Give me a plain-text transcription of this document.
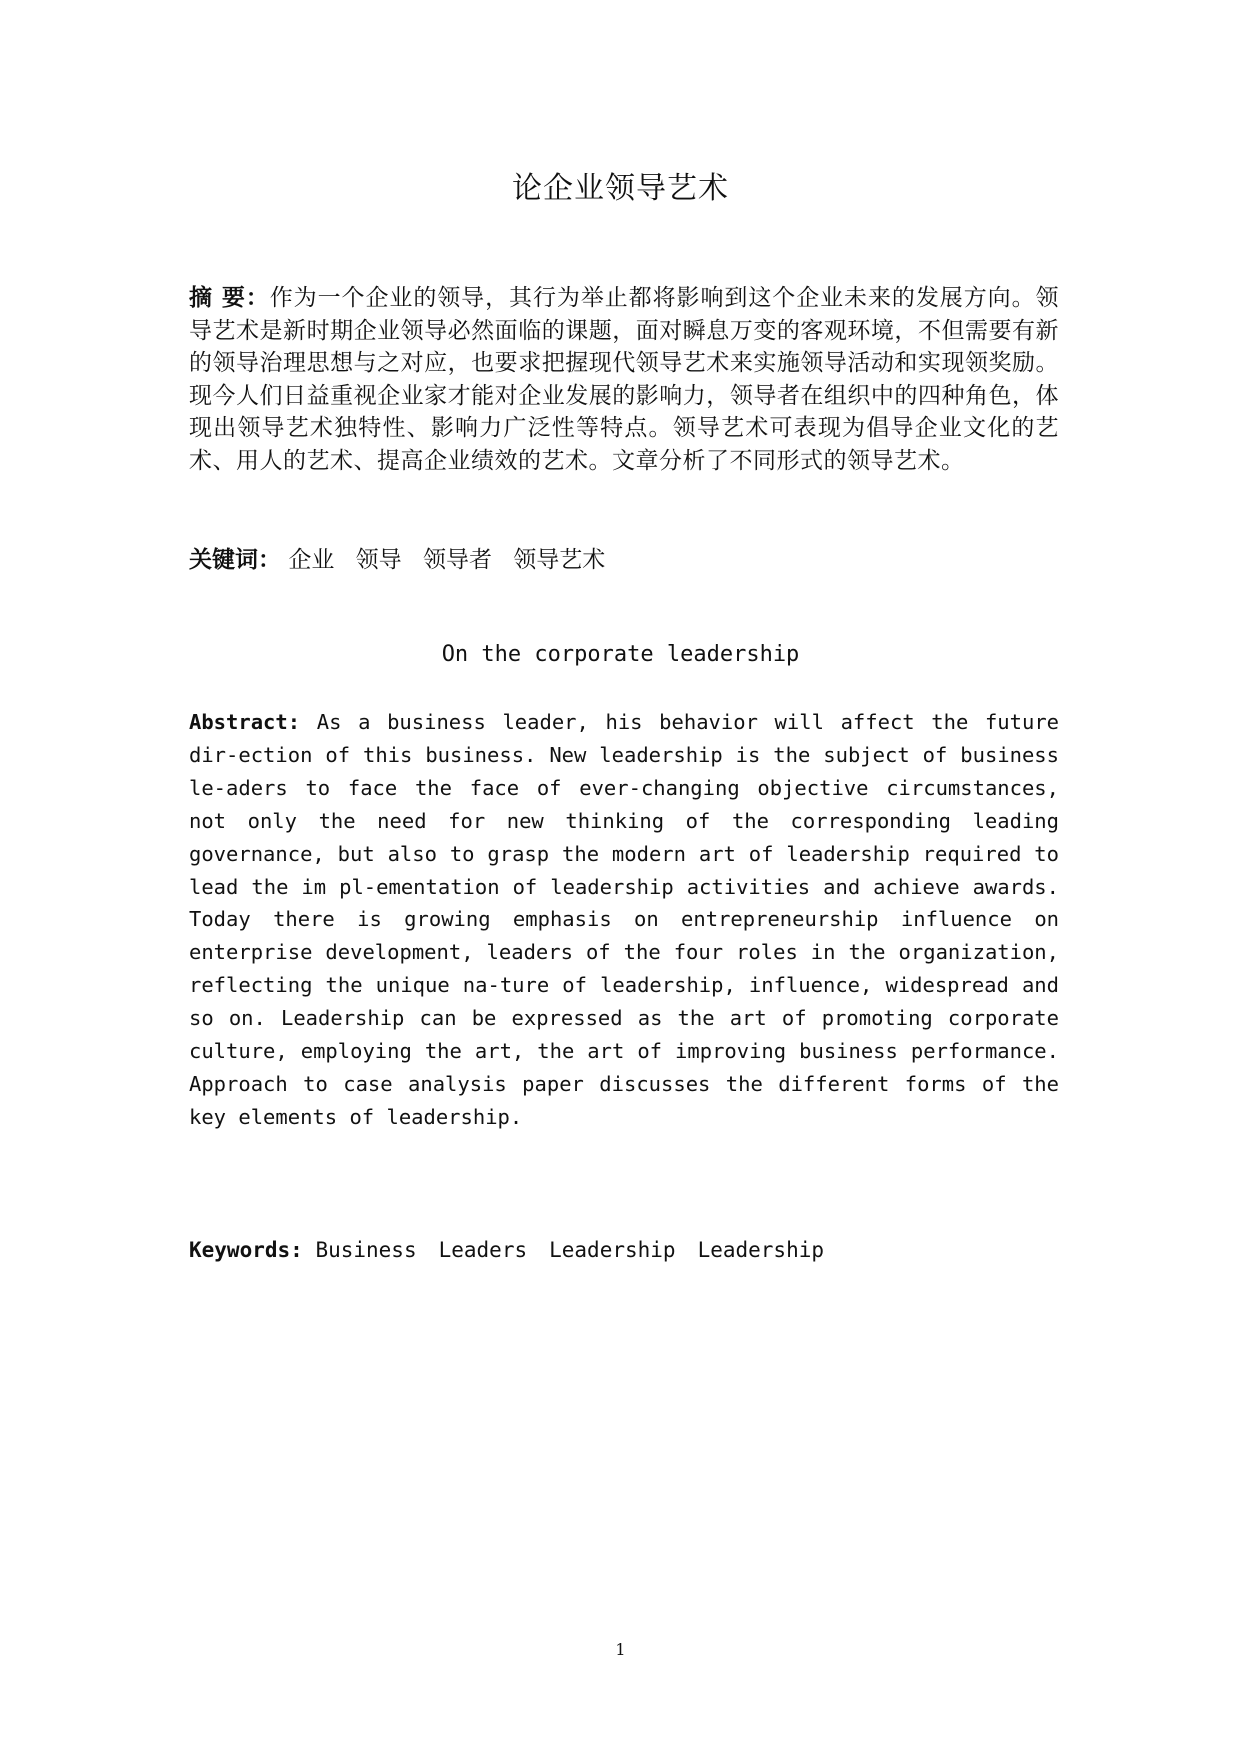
论企业领导艺术
摘 要：作为一个企业的领导，其行为举止都将影响到这个企业未来的发展方向。领导艺术是新时期企业领导必然面临的课题，面对瞬息万变的客观环境，不但需要有新的领导治理思想与之对应，也要求把握现代领导艺术来实施领导活动和实现领奖励。现今人们日益重视企业家才能对企业发展的影响力，领导者在组织中的四种角色，体现出领导艺术独特性、影响力广泛性等特点。领导艺术可表现为倡导企业文化的艺术、用人的艺术、提高企业绩效的艺术。文章分析了不同形式的领导艺术。
关键词： 企业 领导 领导者 领导艺术
On the corporate leadership
Abstract: As a business leader, his behavior will affect the future dir-ection of this business. New leadership is the subject of business le-aders to face the face of ever-changing objective circumstances, not only the need for new thinking of the corresponding leading governance, but also to grasp the modern art of leadership required to lead the im pl-ementation of leadership activities and achieve awards. Today there is growing emphasis on entrepreneurship influence on enterprise development, leaders of the four roles in the organization, reflecting the unique na-ture of leadership, influence, widespread and so on. Leadership can be expressed as the art of promoting corporate culture, employing the art, the art of improving business performance. Approach to case analysis paper discusses the different forms of the key elements of leadership.
Keywords: Business Leaders Leadership Leadership
1
